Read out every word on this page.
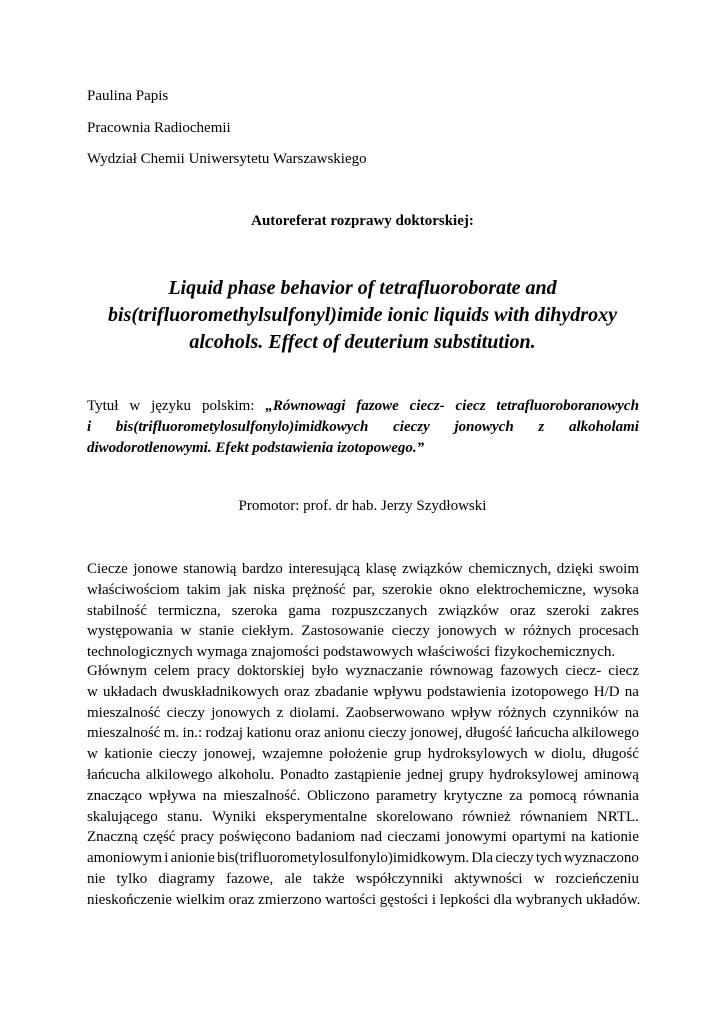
Paulina Papis
Pracownia Radiochemii
Wydział Chemii Uniwersytetu Warszawskiego
Autoreferat rozprawy doktorskiej:
Liquid phase behavior of tetrafluoroborate and
bis(trifluoromethylsulfonyl)imide ionic liquids with dihydroxy
alcohols. Effect of deuterium substitution.
Tytuł w języku polskim: „Równowagi fazowe ciecz- ciecz tetrafluoroboranowych
i bis(trifluorometylosulfonylo)imidkowych cieczy jonowych z alkoholami
diwodorotlenowymi. Efekt podstawienia izotopowego.”
Promotor: prof. dr hab. Jerzy Szydłowski
Ciecze jonowe stanowią bardzo interesującą klasę związków chemicznych, dzięki swoim
właściwościom takim jak niska prężność par, szerokie okno elektrochemiczne, wysoka
stabilność termiczna, szeroka gama rozpuszczanych związków oraz szeroki zakres
występowania w stanie ciekłym. Zastosowanie cieczy jonowych w różnych procesach
technologicznych wymaga znajomości podstawowych właściwości fizykochemicznych.
Głównym celem pracy doktorskiej było wyznaczanie równowag fazowych ciecz- ciecz
w układach dwuskładnikowych oraz zbadanie wpływu podstawienia izotopowego H/D na
mieszalność cieczy jonowych z diolami. Zaobserwowano wpływ różnych czynników na
mieszalność m. in.: rodzaj kationu oraz anionu cieczy jonowej, długość łańcucha alkilowego
w kationie cieczy jonowej, wzajemne położenie grup hydroksylowych w diolu, długość
łańcucha alkilowego alkoholu. Ponadto zastąpienie jednej grupy hydroksylowej aminową
znacząco wpływa na mieszalność. Obliczono parametry krytyczne za pomocą równania
skalującego stanu. Wyniki eksperymentalne skorelowano również równaniem NRTL.
Znaczną część pracy poświęcono badaniom nad cieczami jonowymi opartymi na kationie
amoniowym i anionie bis(trifluorometylosulfonylo)imidkowym. Dla cieczy tych wyznaczono
nie tylko diagramy fazowe, ale także współczynniki aktywności w rozcieńczeniu
nieskończenie wielkim oraz zmierzono wartości gęstości i lepkości dla wybranych układów.
